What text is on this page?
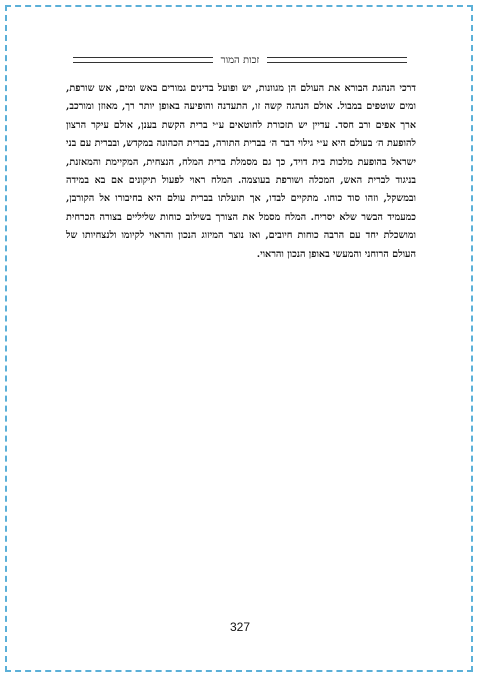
זכות המור

דרכי הנהגת הבורא את העולם הן מגוונות, יש ופועל בדינים גמורים באש ומים, אש שורפת, ומים שוטפים במבול. אולם הנהגה קשה זו, התעדנה והופיעה באופן יותר רך, מאוזן ומורכב, ארך אפים ורב חסד. עדיין יש תזכורת לחוטאים ע״י ברית הקשת בענן, אולם עיקר הרצון להופעת ה׳ בעולם היא ע״י גילוי דבר ה׳ בברית התורה, בברית הכהונה במקדש, ובברית עם בני ישראל בהופעת מלכות בית דויד, כך גם מסמלת ברית המלח, הנצחית, המקיימת והמאזנת, בניגוד לברית האש, המכלה ושורפת בעוצמה. המלח ראוי לפעול תיקונים אם בא במידה ובמשקל, וזהו סוד כוחו. מתקיים לבדו, אך תועלתו בברית עולם היא בחיבורו אל הקורבן, כמעמיד הבשר שלא יסריח. המלח מסמל את הצורך בשילוב כוחות שליליים בצורה הכרחית ומושכלת יחד עם הרבה כוחות חיובים, ואז נוצר המיזוג הנכון והראוי לקיומו ולנצחיותו של העולם הרוחני והמעשי באופן הנכון והראוי.

327
